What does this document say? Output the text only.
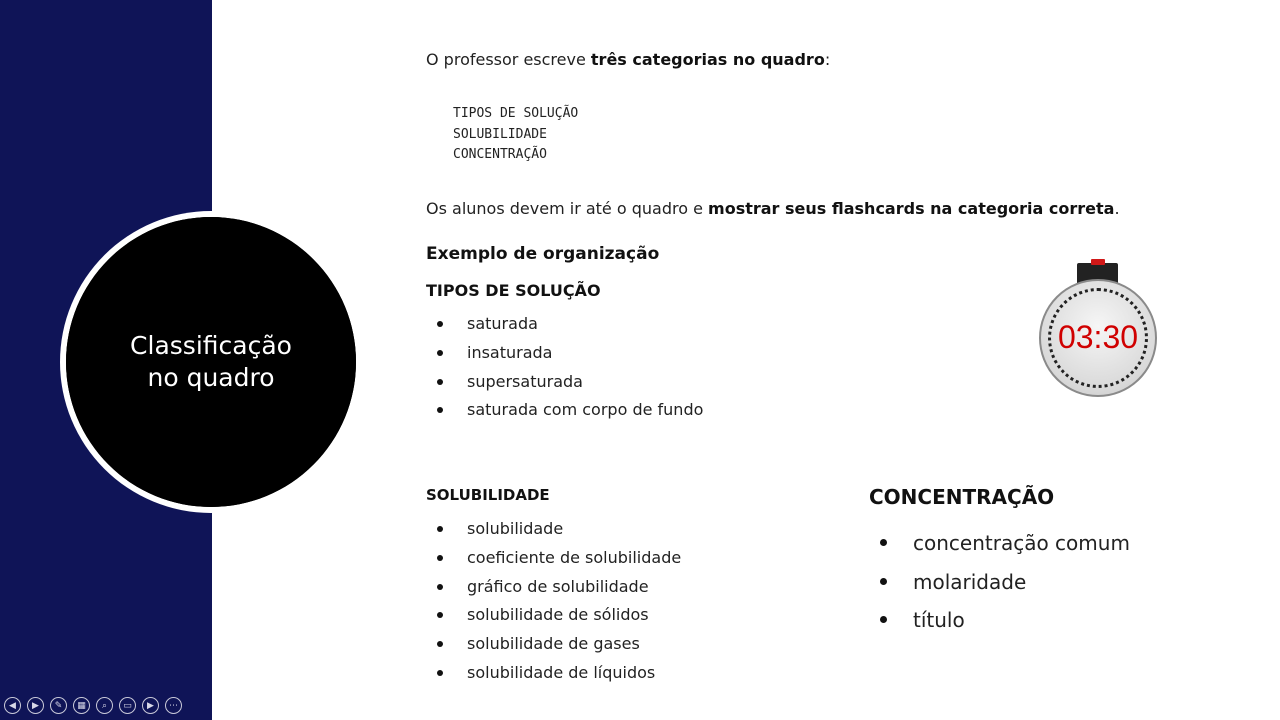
Classificação
no quadro
O professor escreve três categorias no quadro:
TIPOS DE SOLUÇÃO
SOLUBILIDADE
CONCENTRAÇÃO
Os alunos devem ir até o quadro e mostrar seus flashcards na categoria correta.
Exemplo de organização
TIPOS DE SOLUÇÃO
saturada
insaturada
supersaturada
saturada com corpo de fundo
SOLUBILIDADE
solubilidade
coeficiente de solubilidade
gráfico de solubilidade
solubilidade de sólidos
solubilidade de gases
solubilidade de líquidos
CONCENTRAÇÃO
concentração comum
molaridade
título
03:30
◀	▶	✎	▦	⌕	▭	▶	⋯
